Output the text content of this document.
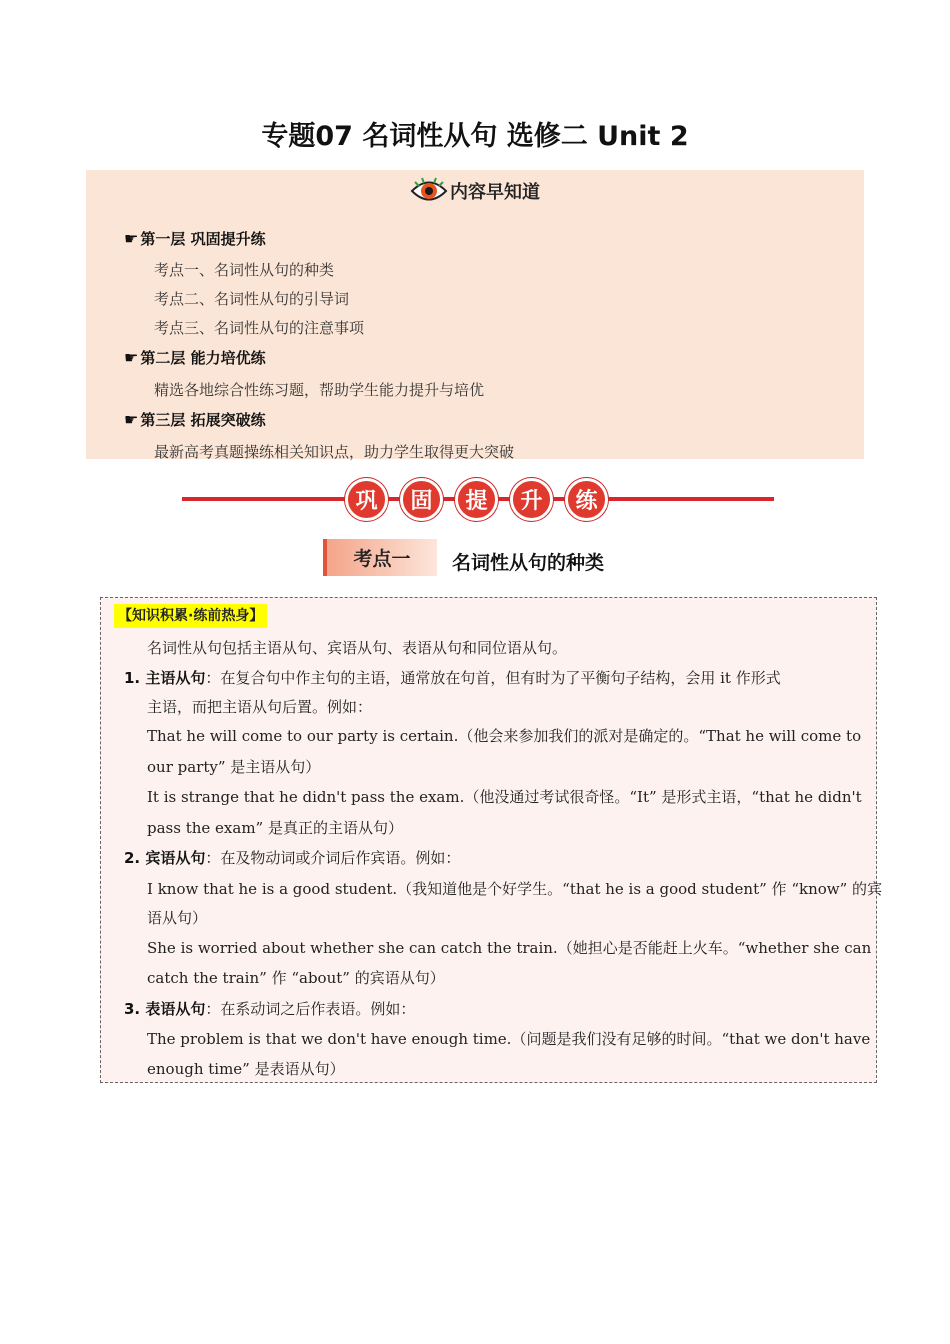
专题07 名词性从句 选修二 Unit 2
内容早知道
☛ 第一层 巩固提升练
考点一、名词性从句的种类
考点二、名词性从句的引导词
考点三、名词性从句的注意事项
☛ 第二层 能力培优练
精选各地综合性练习题，帮助学生能力提升与培优
☛ 第三层 拓展突破练
最新高考真题操练相关知识点，助力学生取得更大突破
巩	固	提	升	练
考点一	名词性从句的种类
【知识积累·练前热身】
名词性从句包括主语从句、宾语从句、表语从句和同位语从句。
1. 主语从句：在复合句中作主句的主语，通常放在句首，但有时为了平衡句子结构，会用 it 作形式
主语，而把主语从句后置。例如：
That he will come to our party is certain.（他会来参加我们的派对是确定的。“That he will come to
our party” 是主语从句）
It is strange that he didn't pass the exam.（他没通过考试很奇怪。“It” 是形式主语，“that he didn't
pass the exam” 是真正的主语从句）
2. 宾语从句：在及物动词或介词后作宾语。例如：
I know that he is a good student.（我知道他是个好学生。“that he is a good student” 作 “know” 的宾
语从句）
She is worried about whether she can catch the train.（她担心是否能赶上火车。“whether she can
catch the train” 作 “about” 的宾语从句）
3. 表语从句：在系动词之后作表语。例如：
The problem is that we don't have enough time.（问题是我们没有足够的时间。“that we don't have
enough time” 是表语从句）
